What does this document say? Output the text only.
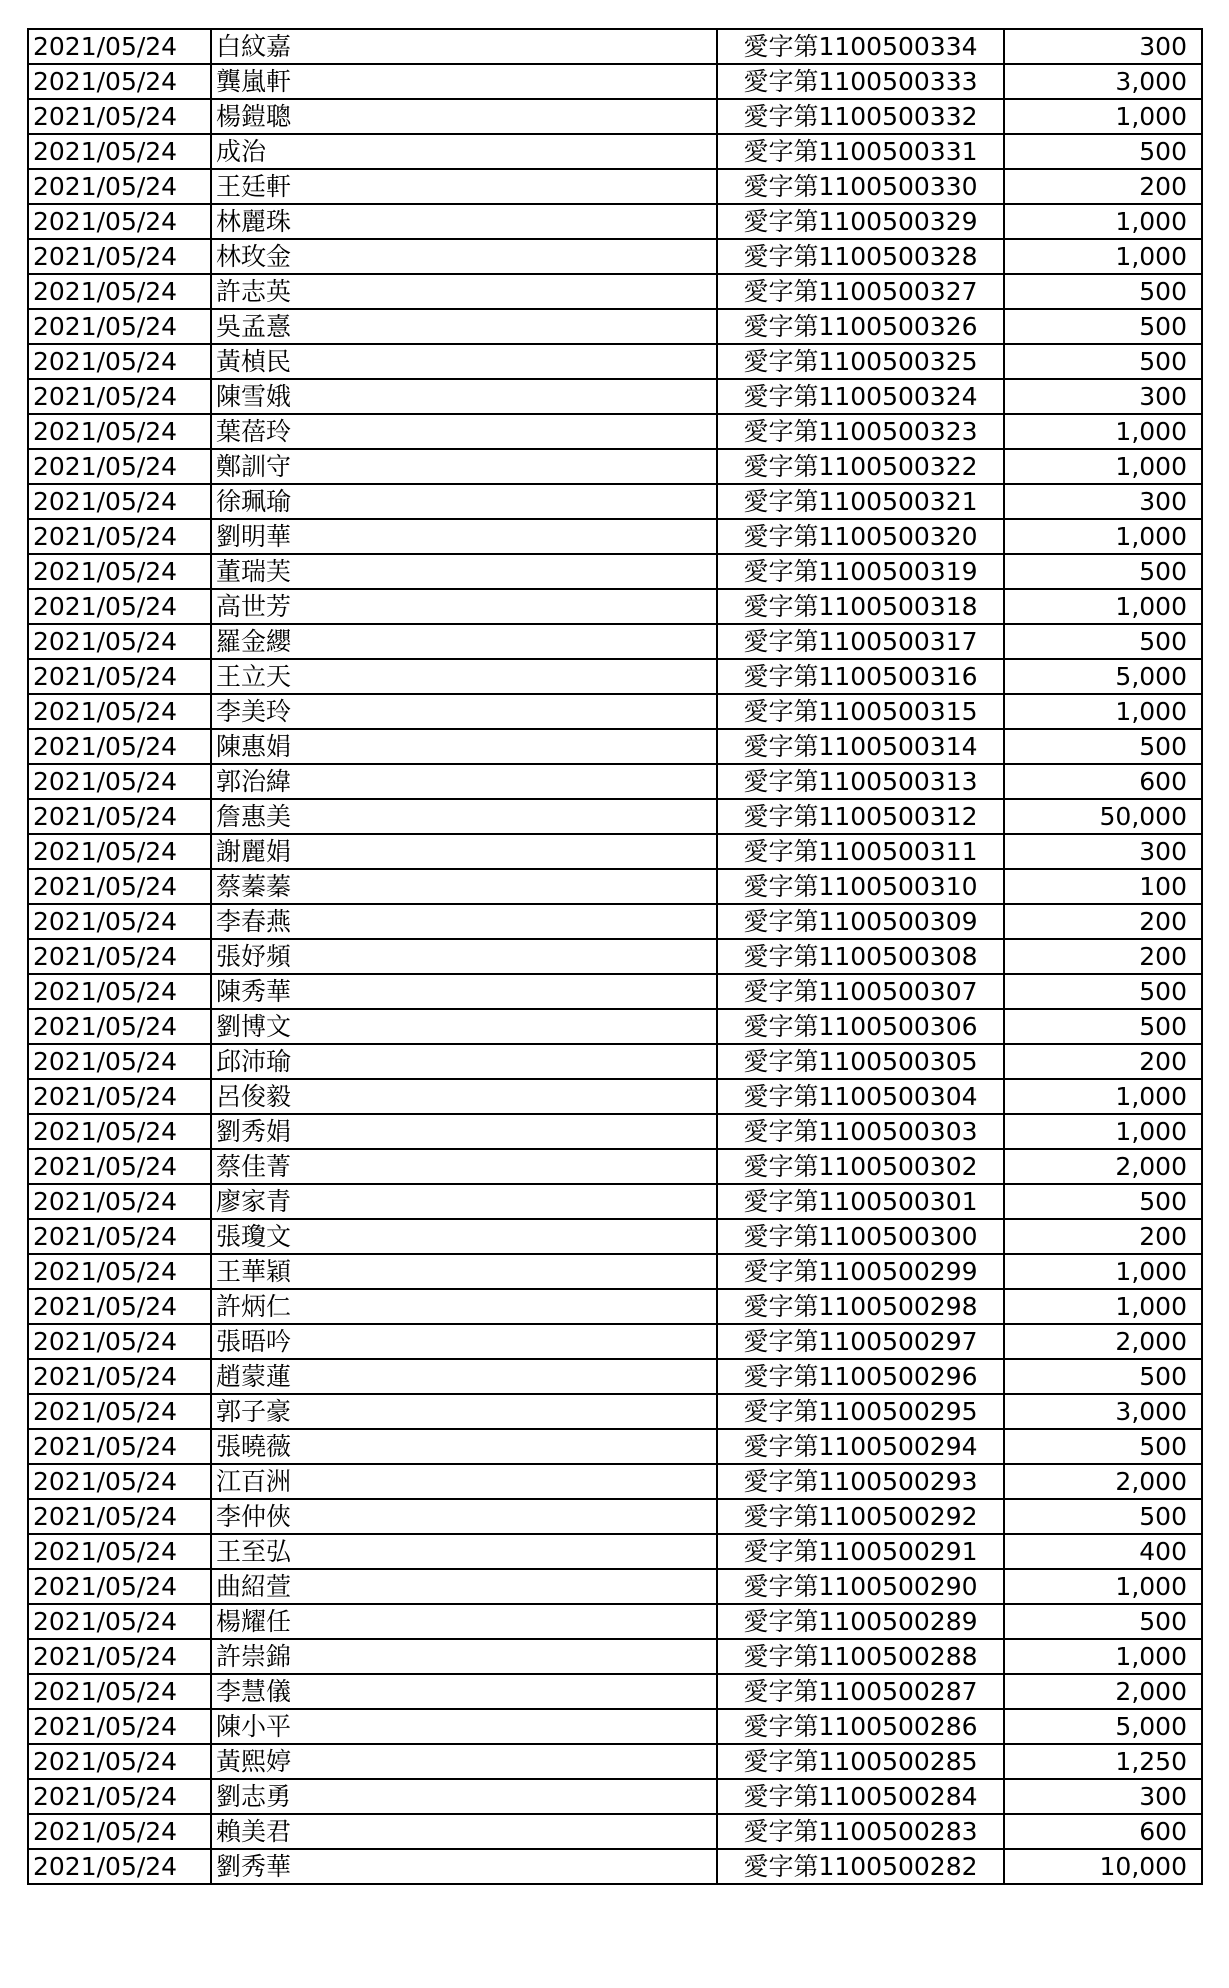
2021/05/24	白紋嘉	愛字第1100500334	300
2021/05/24	龔嵐軒	愛字第1100500333	3,000
2021/05/24	楊鎧聰	愛字第1100500332	1,000
2021/05/24	成治	愛字第1100500331	500
2021/05/24	王廷軒	愛字第1100500330	200
2021/05/24	林麗珠	愛字第1100500329	1,000
2021/05/24	林玫金	愛字第1100500328	1,000
2021/05/24	許志英	愛字第1100500327	500
2021/05/24	吳孟憙	愛字第1100500326	500
2021/05/24	黃楨民	愛字第1100500325	500
2021/05/24	陳雪娥	愛字第1100500324	300
2021/05/24	葉蓓玲	愛字第1100500323	1,000
2021/05/24	鄭訓守	愛字第1100500322	1,000
2021/05/24	徐珮瑜	愛字第1100500321	300
2021/05/24	劉明華	愛字第1100500320	1,000
2021/05/24	董瑞芙	愛字第1100500319	500
2021/05/24	高世芳	愛字第1100500318	1,000
2021/05/24	羅金纓	愛字第1100500317	500
2021/05/24	王立天	愛字第1100500316	5,000
2021/05/24	李美玲	愛字第1100500315	1,000
2021/05/24	陳惠娟	愛字第1100500314	500
2021/05/24	郭治緯	愛字第1100500313	600
2021/05/24	詹惠美	愛字第1100500312	50,000
2021/05/24	謝麗娟	愛字第1100500311	300
2021/05/24	蔡蓁蓁	愛字第1100500310	100
2021/05/24	李春燕	愛字第1100500309	200
2021/05/24	張妤頻	愛字第1100500308	200
2021/05/24	陳秀華	愛字第1100500307	500
2021/05/24	劉博文	愛字第1100500306	500
2021/05/24	邱沛瑜	愛字第1100500305	200
2021/05/24	呂俊毅	愛字第1100500304	1,000
2021/05/24	劉秀娟	愛字第1100500303	1,000
2021/05/24	蔡佳菁	愛字第1100500302	2,000
2021/05/24	廖家青	愛字第1100500301	500
2021/05/24	張瓊文	愛字第1100500300	200
2021/05/24	王華穎	愛字第1100500299	1,000
2021/05/24	許炳仁	愛字第1100500298	1,000
2021/05/24	張晤吟	愛字第1100500297	2,000
2021/05/24	趙蒙蓮	愛字第1100500296	500
2021/05/24	郭子豪	愛字第1100500295	3,000
2021/05/24	張曉薇	愛字第1100500294	500
2021/05/24	江百洲	愛字第1100500293	2,000
2021/05/24	李仲俠	愛字第1100500292	500
2021/05/24	王至弘	愛字第1100500291	400
2021/05/24	曲紹萱	愛字第1100500290	1,000
2021/05/24	楊耀任	愛字第1100500289	500
2021/05/24	許崇錦	愛字第1100500288	1,000
2021/05/24	李慧儀	愛字第1100500287	2,000
2021/05/24	陳小平	愛字第1100500286	5,000
2021/05/24	黃熙婷	愛字第1100500285	1,250
2021/05/24	劉志勇	愛字第1100500284	300
2021/05/24	賴美君	愛字第1100500283	600
2021/05/24	劉秀華	愛字第1100500282	10,000
